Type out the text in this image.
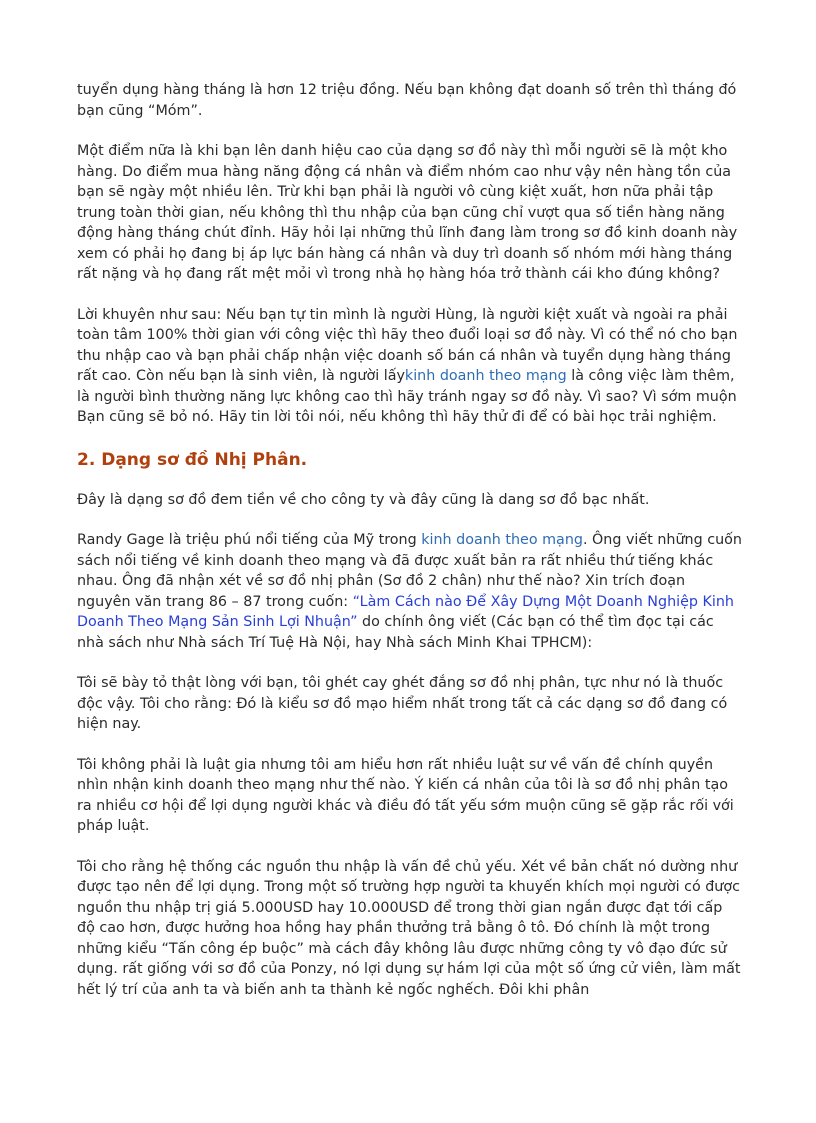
tuyển dụng hàng tháng là hơn 12 triệu đồng. Nếu bạn không đạt doanh số trên thì tháng đó bạn cũng “Móm”.

Một điểm nữa là khi bạn lên danh hiệu cao của dạng sơ đồ này thì mỗi người sẽ là một kho hàng. Do điểm mua hàng năng động cá nhân và điểm nhóm cao như vậy nên hàng tồn của bạn sẽ ngày một nhiều lên. Trừ khi bạn phải là người vô cùng kiệt xuất, hơn nữa phải tập trung toàn thời gian, nếu không thì thu nhập của bạn cũng chỉ vượt qua số tiền hàng năng động hàng tháng chút đỉnh. Hãy hỏi lại những thủ lĩnh đang làm trong sơ đồ kinh doanh này xem có phải họ đang bị áp lực bán hàng cá nhân và duy trì doanh số nhóm mới hàng tháng rất nặng và họ đang rất mệt mỏi vì trong nhà họ hàng hóa trở thành cái kho đúng không?

Lời khuyên như sau: Nếu bạn tự tin mình là người Hùng, là người kiệt xuất và ngoài ra phải toàn tâm 100% thời gian với công việc thì hãy theo đuổi loại sơ đồ này. Vì có thể nó cho bạn thu nhập cao và bạn phải chấp nhận việc doanh số bán cá nhân và tuyển dụng hàng tháng rất cao. Còn nếu bạn là sinh viên, là người lấykinh doanh theo mạng là công việc làm thêm, là người bình thường năng lực không cao thì hãy tránh ngay sơ đồ này. Vì sao? Vì sớm muộn Bạn cũng sẽ bỏ nó. Hãy tin lời tôi nói, nếu không thì hãy thử đi để có bài học trải nghiệm.

2. Dạng sơ đồ Nhị Phân.

Đây là dạng sơ đồ đem tiền về cho công ty và đây cũng là dang sơ đồ bạc nhất.

Randy Gage là triệu phú nổi tiếng của Mỹ trong kinh doanh theo mạng. Ông viết những cuốn sách nổi tiếng về kinh doanh theo mạng và đã được xuất bản ra rất nhiều thứ tiếng khác nhau. Ông đã nhận xét về sơ đồ nhị phân (Sơ đồ 2 chân) như thế nào? Xin trích đoạn nguyên văn trang 86 – 87 trong cuốn: “Làm Cách nào Để Xây Dựng Một Doanh Nghiệp Kinh Doanh Theo Mạng Sản Sinh Lợi Nhuận” do chính ông viết (Các bạn có thể tìm đọc tại các nhà sách như Nhà sách Trí Tuệ Hà Nội, hay Nhà sách Minh Khai TPHCM):

Tôi sẽ bày tỏ thật lòng với bạn, tôi ghét cay ghét đắng sơ đồ nhị phân, tực như nó là thuốc độc vậy. Tôi cho rằng: Đó là kiểu sơ đồ mạo hiểm nhất trong tất cả các dạng sơ đồ đang có hiện nay.

Tôi không phải là luật gia nhưng tôi am hiểu hơn rất nhiều luật sư về vấn đề chính quyền nhìn nhận kinh doanh theo mạng như thế nào. Ý kiến cá nhân của tôi là sơ đồ nhị phân tạo ra nhiều cơ hội để lợi dụng người khác và điều đó tất yếu sớm muộn cũng sẽ gặp rắc rối với pháp luật.

Tôi cho rằng hệ thống các nguồn thu nhập là vấn đề chủ yếu. Xét về bản chất nó dường như được tạo nên để lợi dụng. Trong một số trường hợp người ta khuyến khích mọi người có được nguồn thu nhập trị giá 5.000USD hay 10.000USD để trong thời gian ngắn được đạt tới cấp độ cao hơn, được hưởng hoa hồng hay phần thưởng trả bằng ô tô. Đó chính là một trong những kiểu “Tấn công ép buộc” mà cách đây không lâu được những công ty vô đạo đức sử dụng. rất giống với sơ đồ của Ponzy, nó lợi dụng sự hám lợi của một số ứng cử viên, làm mất hết lý trí của anh ta và biến anh ta thành kẻ ngốc nghếch. Đôi khi phân
